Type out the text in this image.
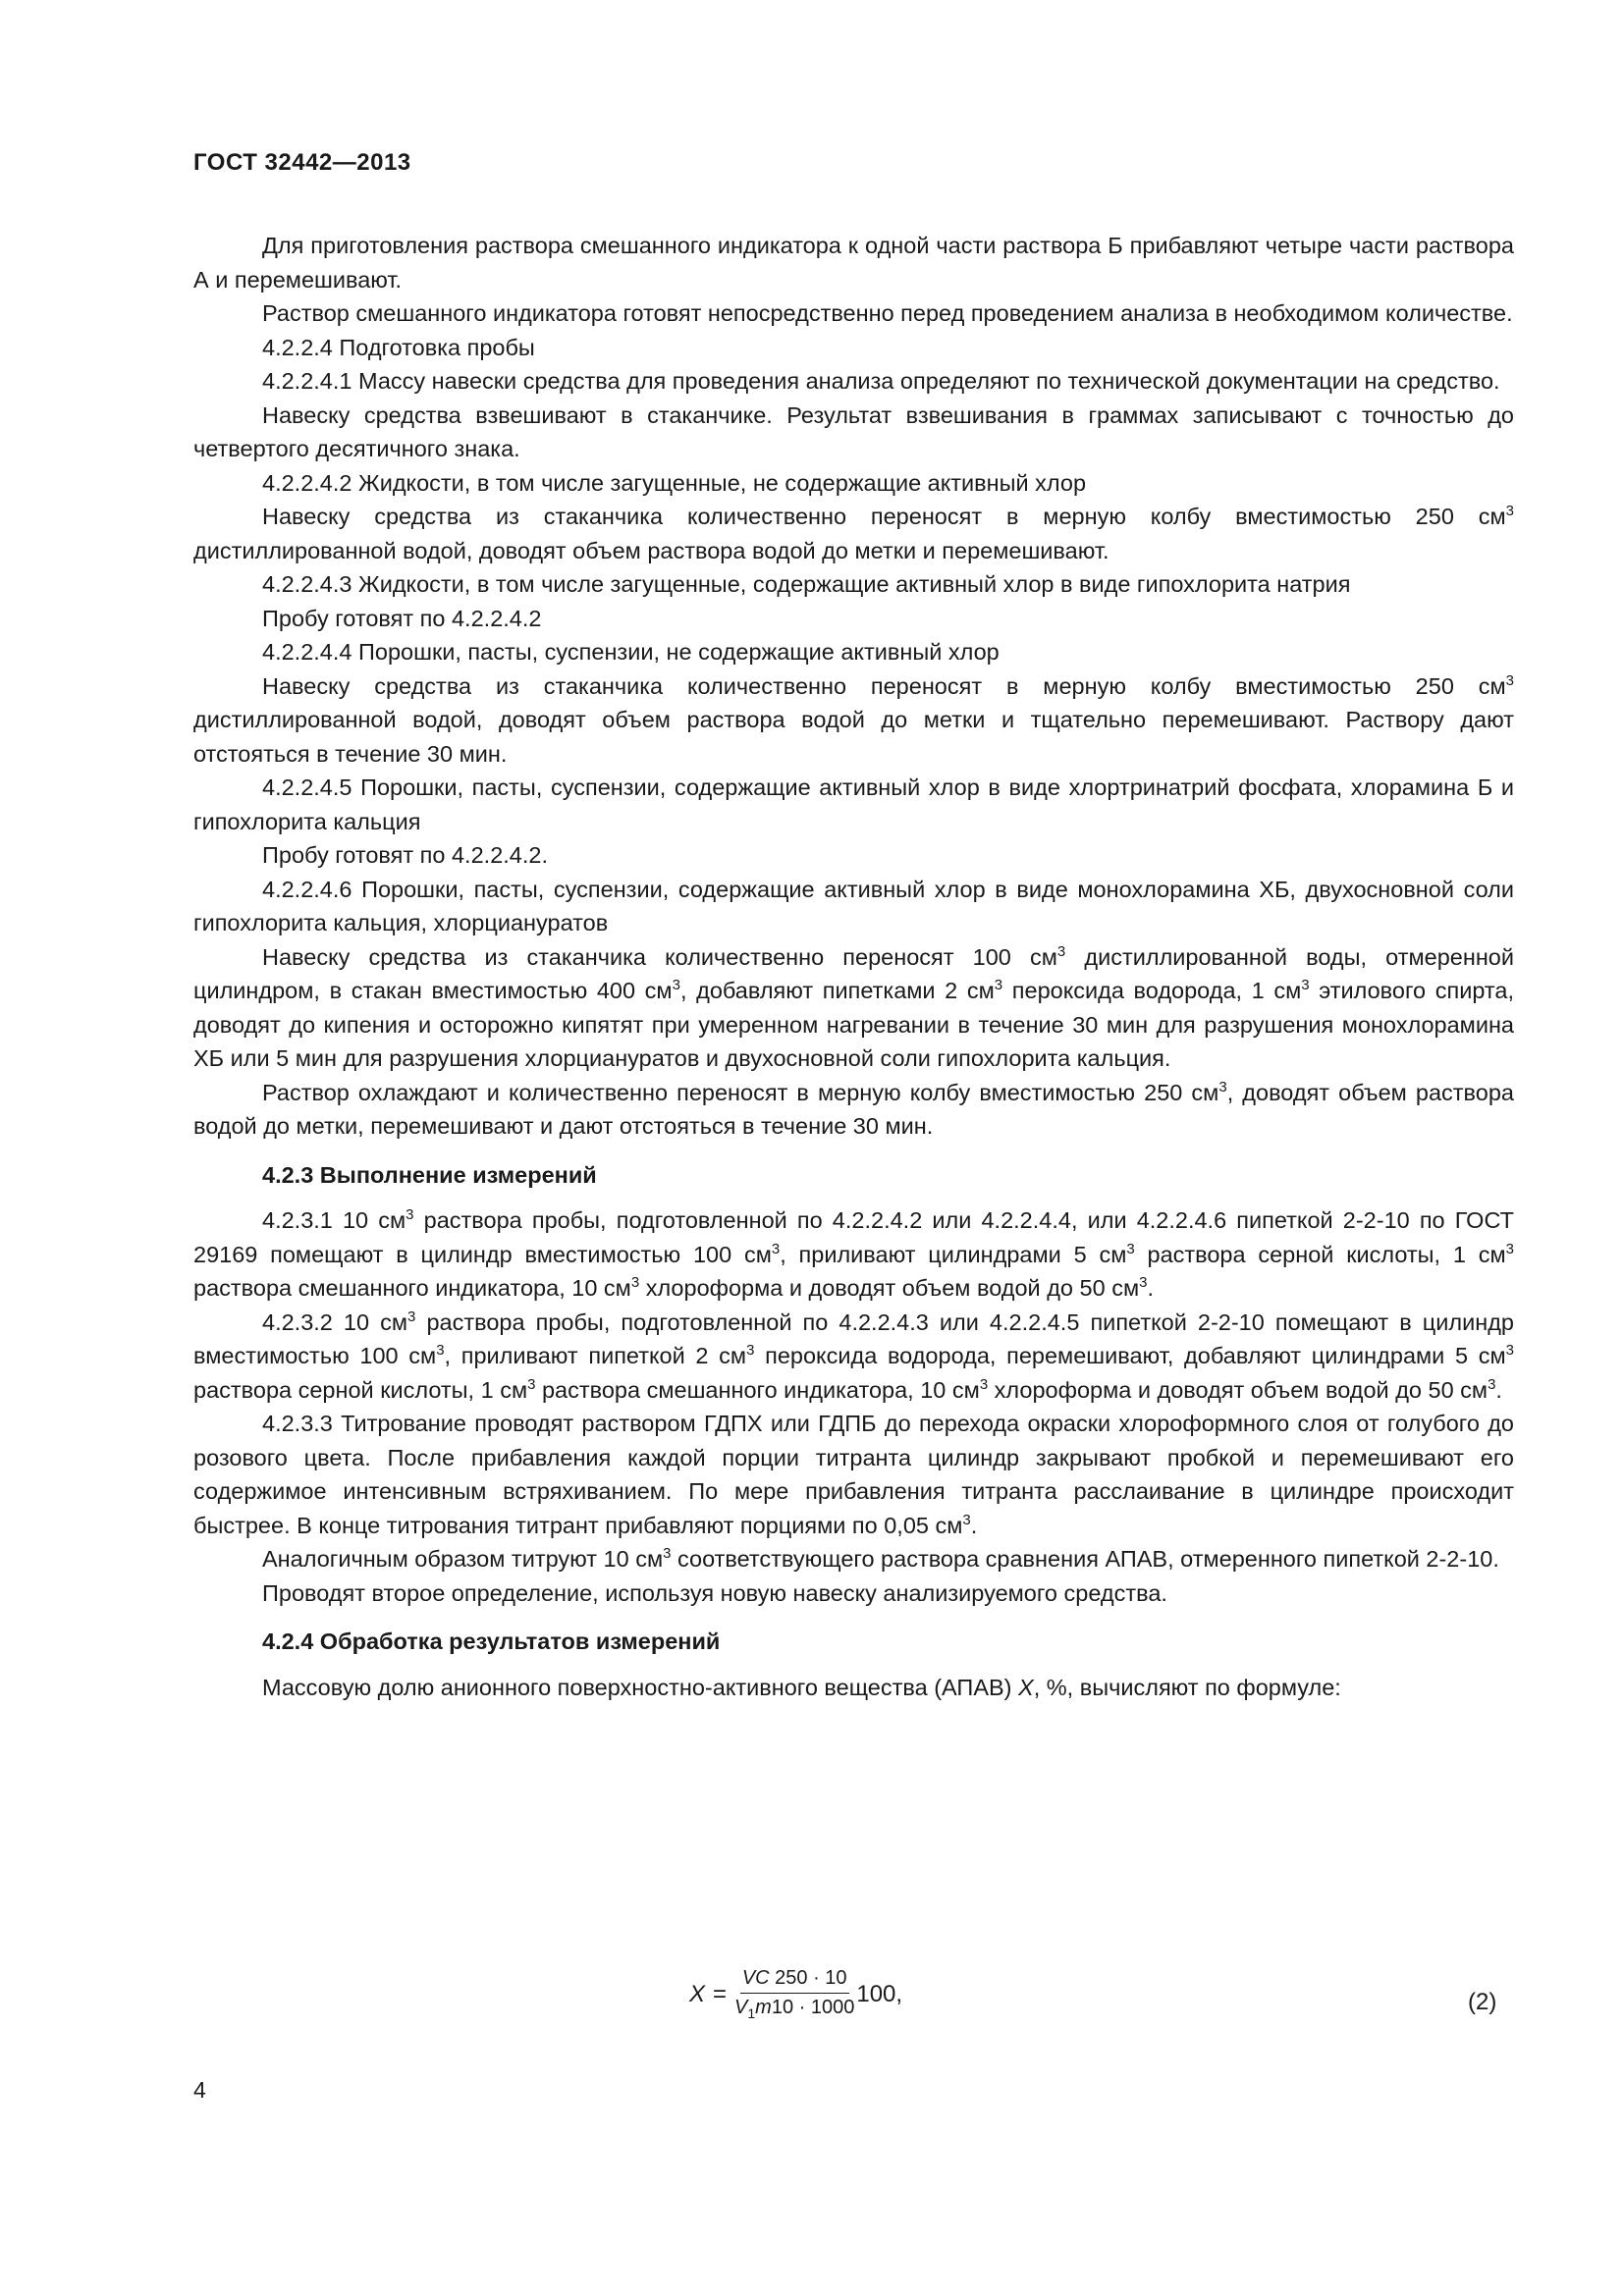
ГОСТ 32442—2013

Для приготовления раствора смешанного индикатора к одной части раствора Б прибавляют четыре части раствора А и перемешивают.

Раствор смешанного индикатора готовят непосредственно перед проведением анализа в необходимом количестве.

4.2.2.4 Подготовка пробы

4.2.2.4.1 Массу навески средства для проведения анализа определяют по технической документации на средство.

Навеску средства взвешивают в стаканчике. Результат взвешивания в граммах записывают с точностью до четвертого десятичного знака.

4.2.2.4.2 Жидкости, в том числе загущенные, не содержащие активный хлор

Навеску средства из стаканчика количественно переносят в мерную колбу вместимостью 250 $см^3$ дистиллированной водой, доводят объем раствора водой до метки и перемешивают.

4.2.2.4.3 Жидкости, в том числе загущенные, содержащие активный хлор в виде гипохлорита натрия

Пробу готовят по 4.2.2.4.2

4.2.2.4.4 Порошки, пасты, суспензии, не содержащие активный хлор

Навеску средства из стаканчика количественно переносят в мерную колбу вместимостью 250 $см^3$ дистиллированной водой, доводят объем раствора водой до метки и тщательно перемешивают. Раствору дают отстояться в течение 30 мин.

4.2.2.4.5 Порошки, пасты, суспензии, содержащие активный хлор в виде хлортринатрий фосфата, хлорамина Б и гипохлорита кальция

Пробу готовят по 4.2.2.4.2.

4.2.2.4.6 Порошки, пасты, суспензии, содержащие активный хлор в виде монохлорамина ХБ, двухосновной соли гипохлорита кальция, хлорциануратов

Навеску средства из стаканчика количественно переносят 100 $см^3$ дистиллированной воды, отмеренной цилиндром, в стакан вместимостью 400 $см^3$, добавляют пипетками 2 $см^3$ пероксида водорода, 1 $см^3$ этилового спирта, доводят до кипения и осторожно кипятят при умеренном нагревании в течение 30 мин для разрушения монохлорамина ХБ или 5 мин для разрушения хлорциануратов и двухосновной соли гипохлорита кальция.

Раствор охлаждают и количественно переносят в мерную колбу вместимостью 250 $см^3$, доводят объем раствора водой до метки, перемешивают и дают отстояться в течение 30 мин.

4.2.3 Выполнение измерений

4.2.3.1 10 $см^3$ раствора пробы, подготовленной по 4.2.2.4.2 или 4.2.2.4.4, или 4.2.2.4.6 пипеткой 2-2-10 по ГОСТ 29169 помещают в цилиндр вместимостью 100 $см^3$, приливают цилиндрами 5 $см^3$ раствора серной кислоты, 1 $см^3$ раствора смешанного индикатора, 10 $см^3$ хлороформа и доводят объем водой до 50 $см^3$.

4.2.3.2 10 $см^3$ раствора пробы, подготовленной по 4.2.2.4.3 или 4.2.2.4.5 пипеткой 2-2-10 помещают в цилиндр вместимостью 100 $см^3$, приливают пипеткой 2 $см^3$ пероксида водорода, перемешивают, добавляют цилиндрами 5 $см^3$ раствора серной кислоты, 1 $см^3$ раствора смешанного индикатора, 10 $см^3$ хлороформа и доводят объем водой до 50 $см^3$.

4.2.3.3 Титрование проводят раствором ГДПХ или ГДПБ до перехода окраски хлороформного слоя от голубого до розового цвета. После прибавления каждой порции титранта цилиндр закрывают пробкой и перемешивают его содержимое интенсивным встряхиванием. По мере прибавления титранта расслаивание в цилиндре происходит быстрее. В конце титрования титрант прибавляют порциями по 0,05 $см^3$.

Аналогичным образом титруют 10 $см^3$ соответствующего раствора сравнения АПАВ, отмеренного пипеткой 2-2-10.

Проводят второе определение, используя новую навеску анализируемого средства.

4.2.4 Обработка результатов измерений

Массовую долю анионного поверхностно-активного вещества (АПАВ) X, %, вычисляют по формуле:

$X = \frac{VC 250 \cdot 10}{V_1m10 \cdot 1000} 100$,	(2)
4
